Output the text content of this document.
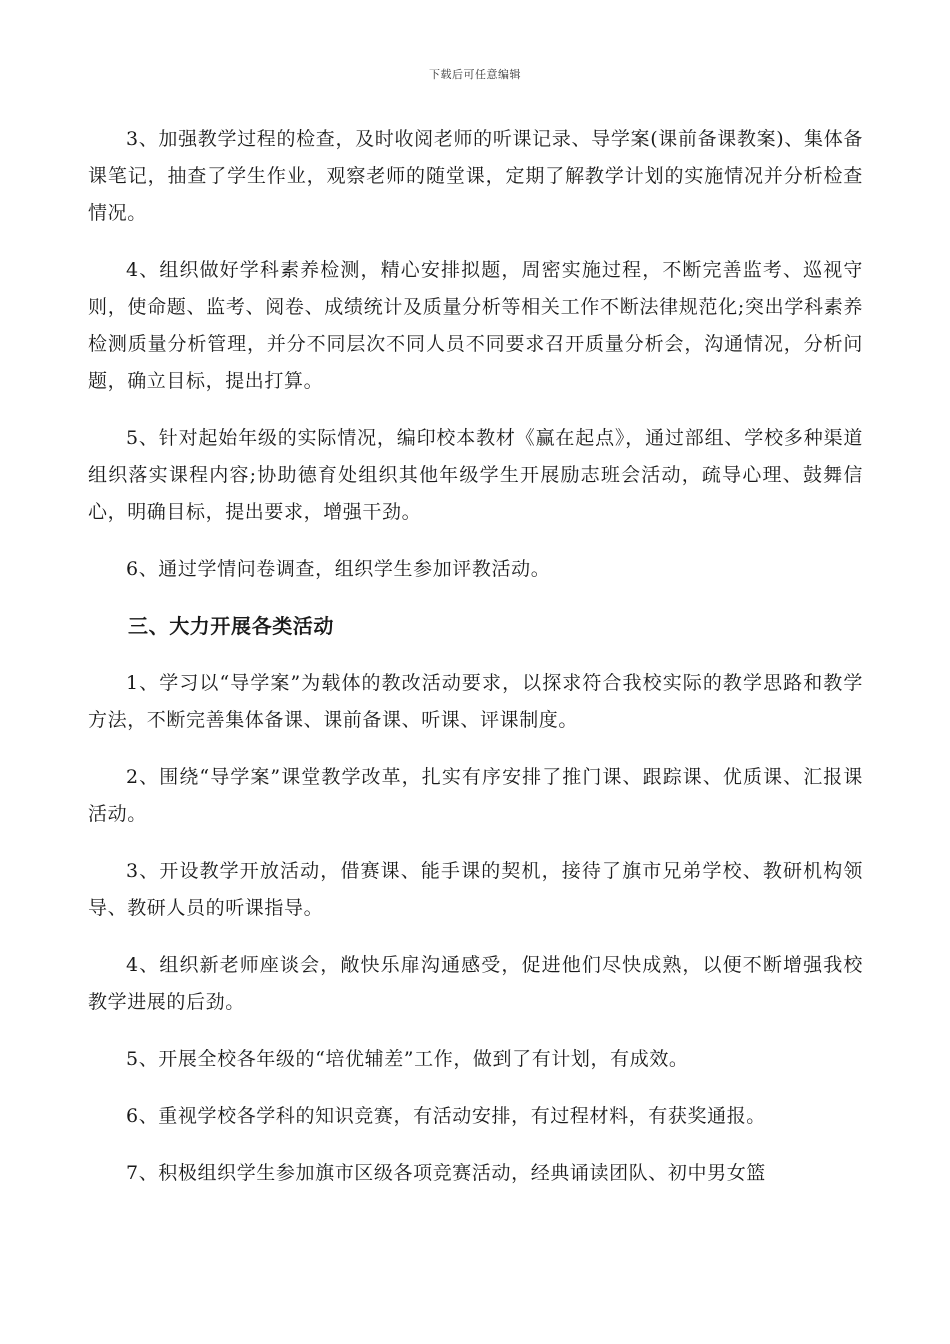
下载后可任意编辑

3、加强教学过程的检查，及时收阅老师的听课记录、导学案(课前备课教案)、集体备课笔记，抽查了学生作业，观察老师的随堂课，定期了解教学计划的实施情况并分析检查情况。

4、组织做好学科素养检测，精心安排拟题，周密实施过程，不断完善监考、巡视守则，使命题、监考、阅卷、成绩统计及质量分析等相关工作不断法律规范化;突出学科素养检测质量分析管理，并分不同层次不同人员不同要求召开质量分析会，沟通情况，分析问题，确立目标，提出打算。

5、针对起始年级的实际情况，编印校本教材《赢在起点》，通过部组、学校多种渠道组织落实课程内容;协助德育处组织其他年级学生开展励志班会活动，疏导心理、鼓舞信心，明确目标，提出要求，增强干劲。

6、通过学情问卷调查，组织学生参加评教活动。

三、大力开展各类活动

1、学习以“导学案”为载体的教改活动要求，以探求符合我校实际的教学思路和教学方法，不断完善集体备课、课前备课、听课、评课制度。

2、围绕“导学案”课堂教学改革，扎实有序安排了推门课、跟踪课、优质课、汇报课活动。

3、开设教学开放活动，借赛课、能手课的契机，接待了旗市兄弟学校、教研机构领导、教研人员的听课指导。

4、组织新老师座谈会，敞快乐扉沟通感受，促进他们尽快成熟，以便不断增强我校教学进展的后劲。

5、开展全校各年级的“培优辅差”工作，做到了有计划，有成效。

6、重视学校各学科的知识竞赛，有活动安排，有过程材料，有获奖通报。

7、积极组织学生参加旗市区级各项竞赛活动，经典诵读团队、初中男女篮
